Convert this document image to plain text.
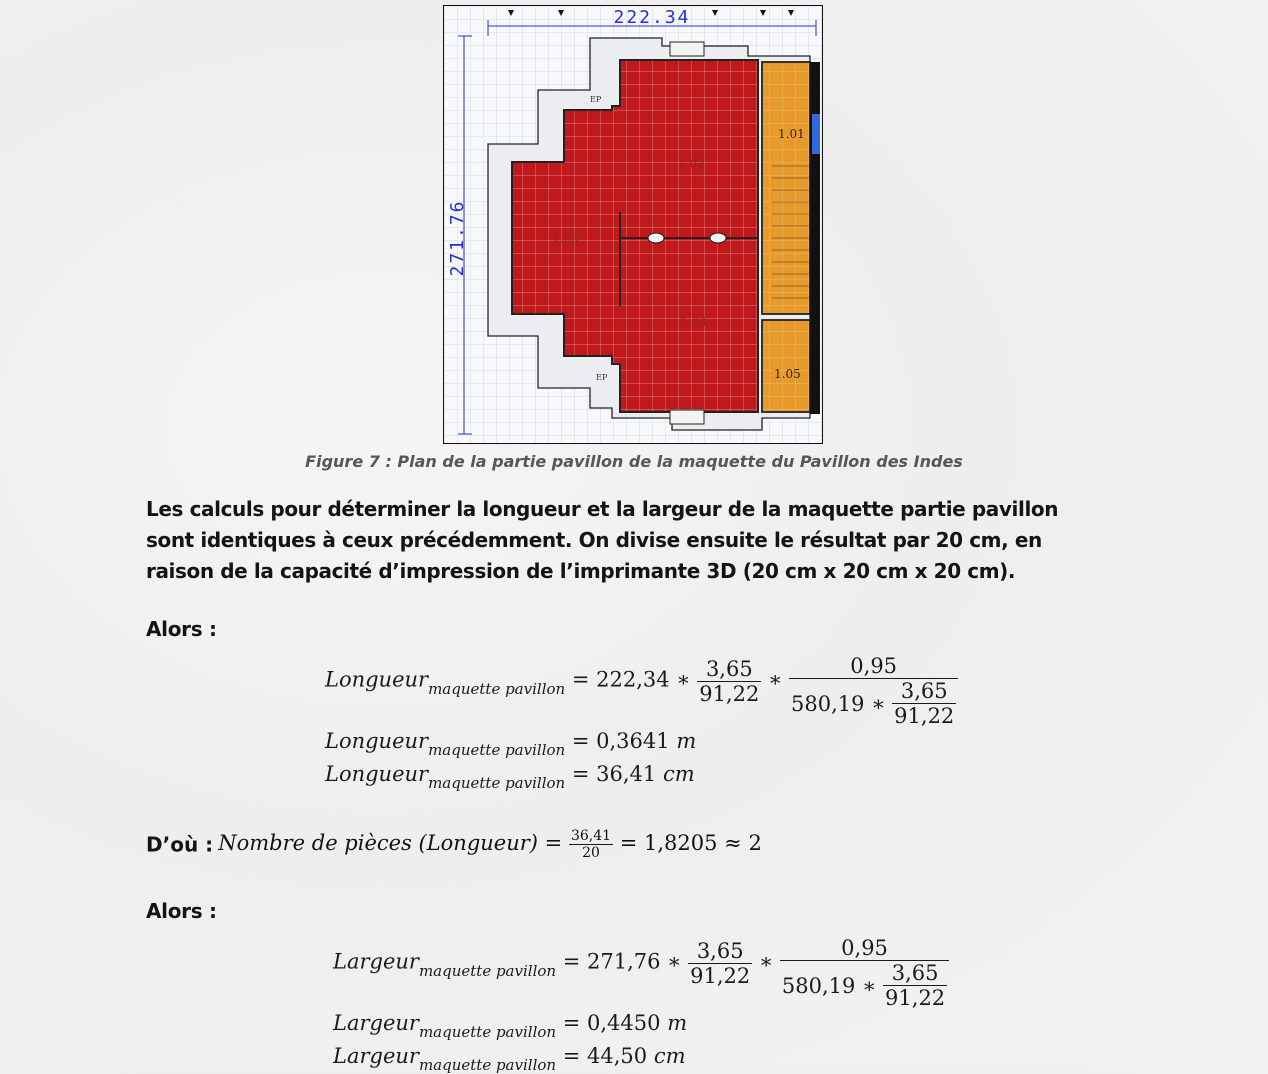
222.34
271.76
1.01
1.02
1.03
1.04
1.05
EP
EP
Figure 7 : Plan de la partie pavillon de la maquette du Pavillon des Indes
Les calculs pour déterminer la longueur et la largeur de la maquette partie pavillon
sont identiques à ceux précédemment. On divise ensuite le résultat par 20 cm, en
raison de la capacité d’impression de l’imprimante 3D (20 cm x 20 cm x 20 cm).
Alors :
Longueur$_{maquette pavillon}$ = 222,34 ∗ $\frac{3,65}{91,22}$ ∗ $\frac{0,95}{580,19 ∗ \frac{3,65}{91,22}}$
Longueur$_{maquette pavillon}$ = 0,3641 m
Longueur$_{maquette pavillon}$ = 36,41 cm
D’où : Nombre de pièces (Longueur) = $\frac{36,41}{20} = 1,8205 \approx 2$
Alors :
Largeur$_{maquette pavillon}$ = 271,76 ∗ $\frac{3,65}{91,22}$ ∗ $\frac{0,95}{580,19 ∗ \frac{3,65}{91,22}}$
Largeur$_{maquette pavillon}$ = 0,4450 m
Largeur$_{maquette pavillon}$ = 44,50 cm
